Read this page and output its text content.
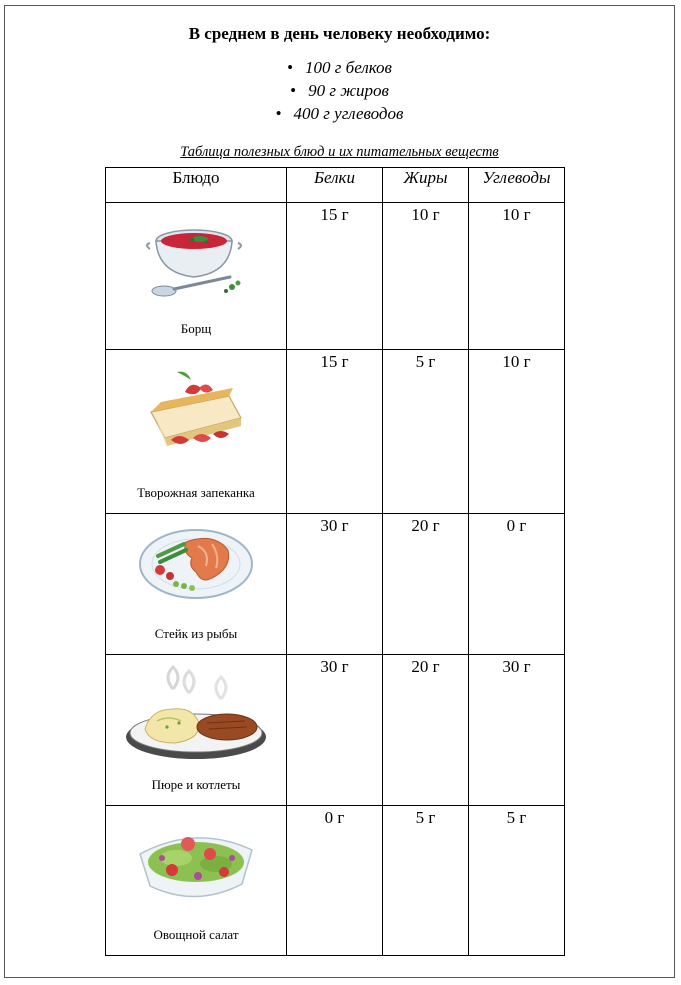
В среднем в день человеку необходимо:
• 100 г белков
• 90 г жиров
• 400 г углеводов
Таблица полезных блюд и их питательных веществ
Блюдо	Белки	Жиры	Углеводы

Борщ	15 г	10 г	10 г

Творожная запеканка	15 г	5 г	10 г

Стейк из рыбы	30 г	20 г	0 г

Пюре и котлеты	30 г	20 г	30 г

Овощной салат	0 г	5 г	5 г
